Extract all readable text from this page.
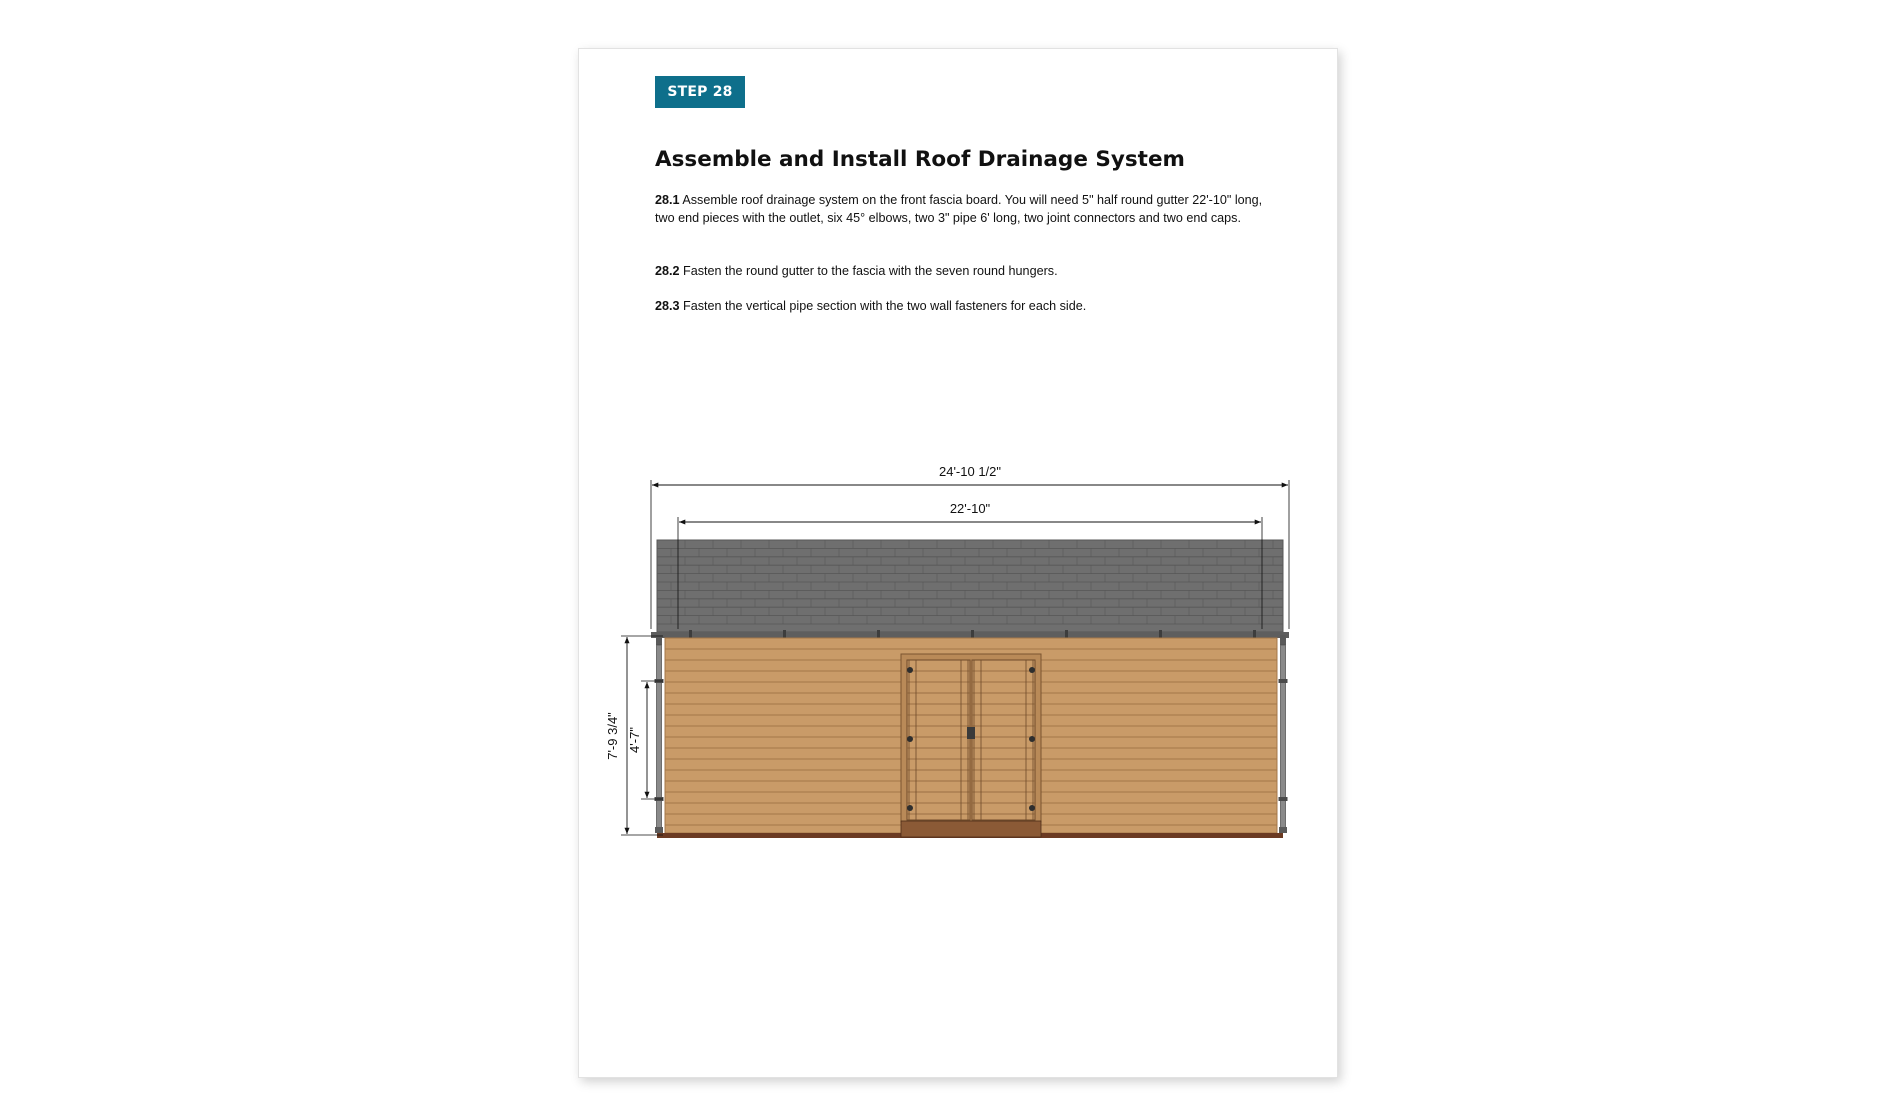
STEP 28
Assemble and Install Roof Drainage System

28.1 Assemble roof drainage system on the front fascia board. You will need 5" half round gutter 22'-10" long, two end pieces with the outlet, six 45° elbows, two 3" pipe 6' long, two joint connectors and two end caps.

28.2 Fasten the round gutter to the fascia with the seven round hungers.

28.3 Fasten the vertical pipe section with the two wall fasteners for each side.

24'-10 1/2"
22'-10"
7'-9 3/4" 4'-7"
